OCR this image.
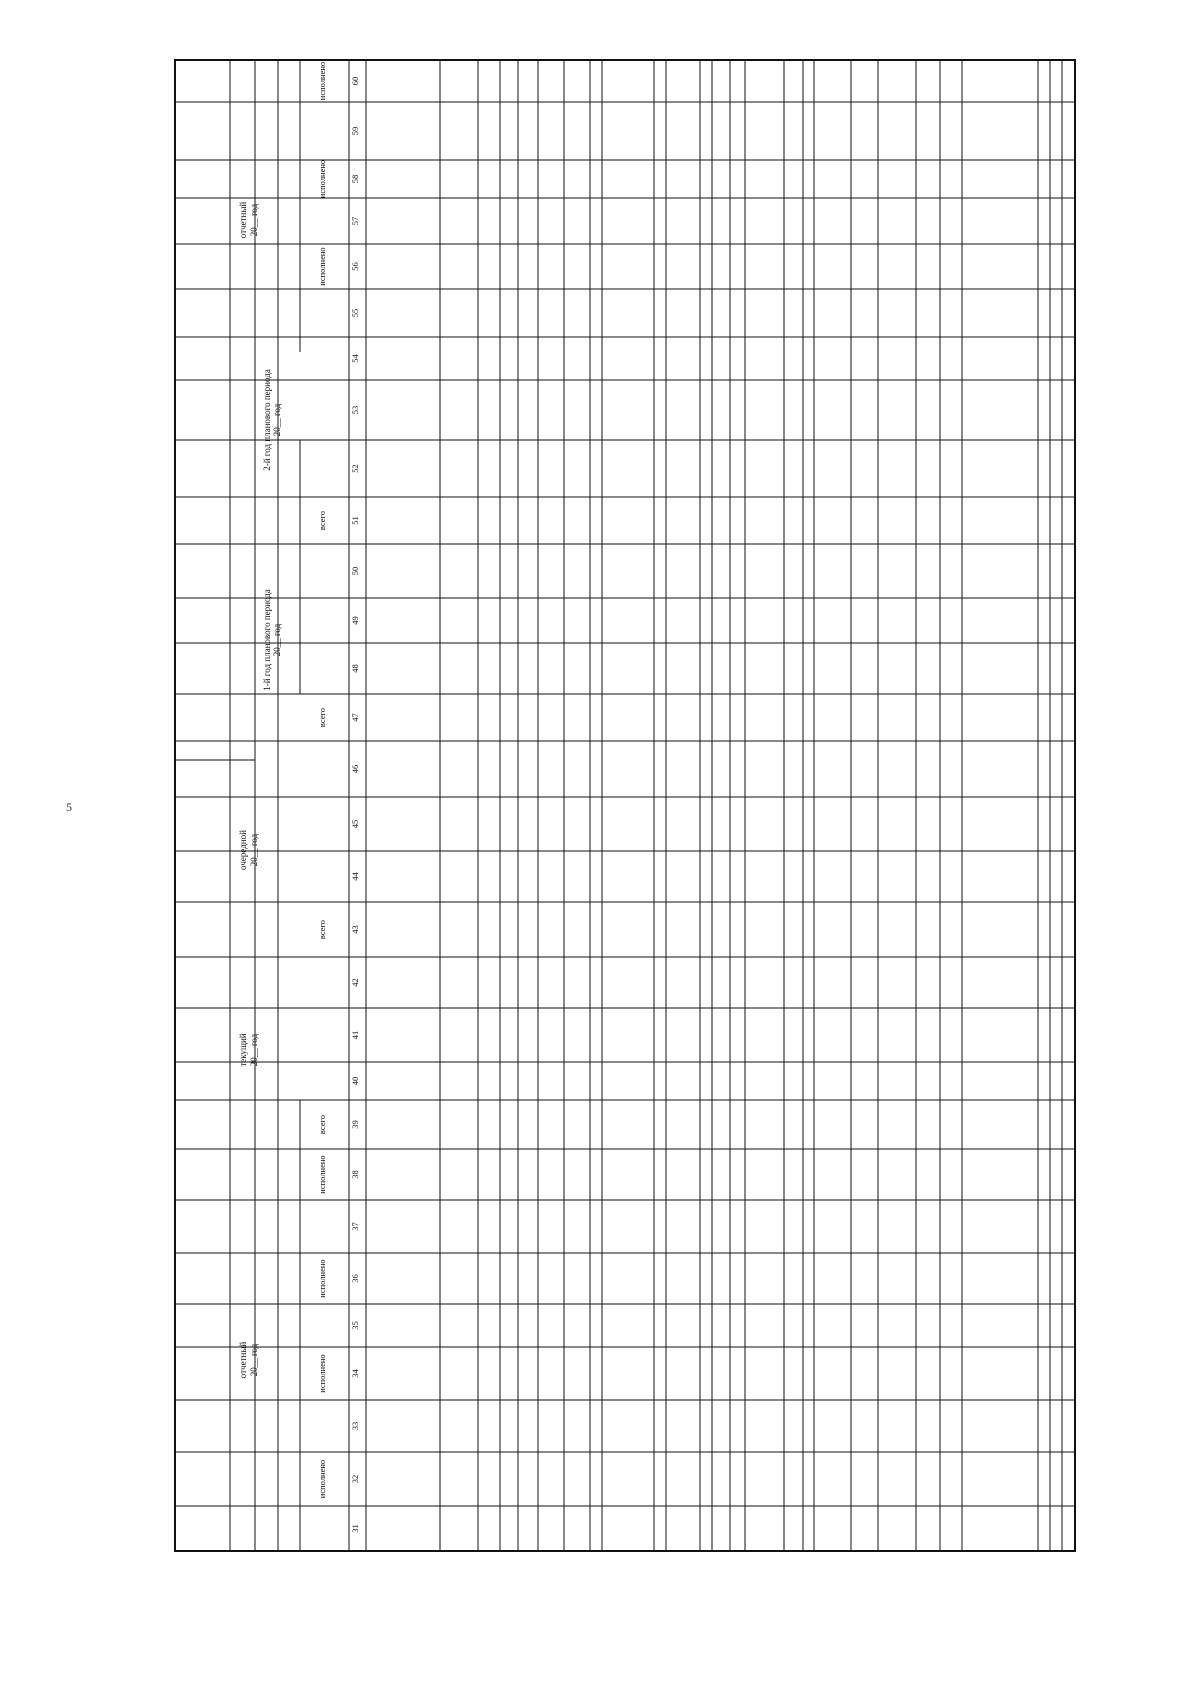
5
отчетный 20__ год
текущий 20__ год
очередной 20__ год
1-й год планового периода 20__ год
2-й год планового периода 20__ год
отчетный 20__ год
исполнено
исполнено
исполнено
исполнено
всего
всего
всего
всего
исполнено
исполнено
исполнено
31
32
33
34
35
36
37
38
39
40
41
42
43
44
45
46
47
48
49
50
51
52
53
54
55
56
57
58
59
60
